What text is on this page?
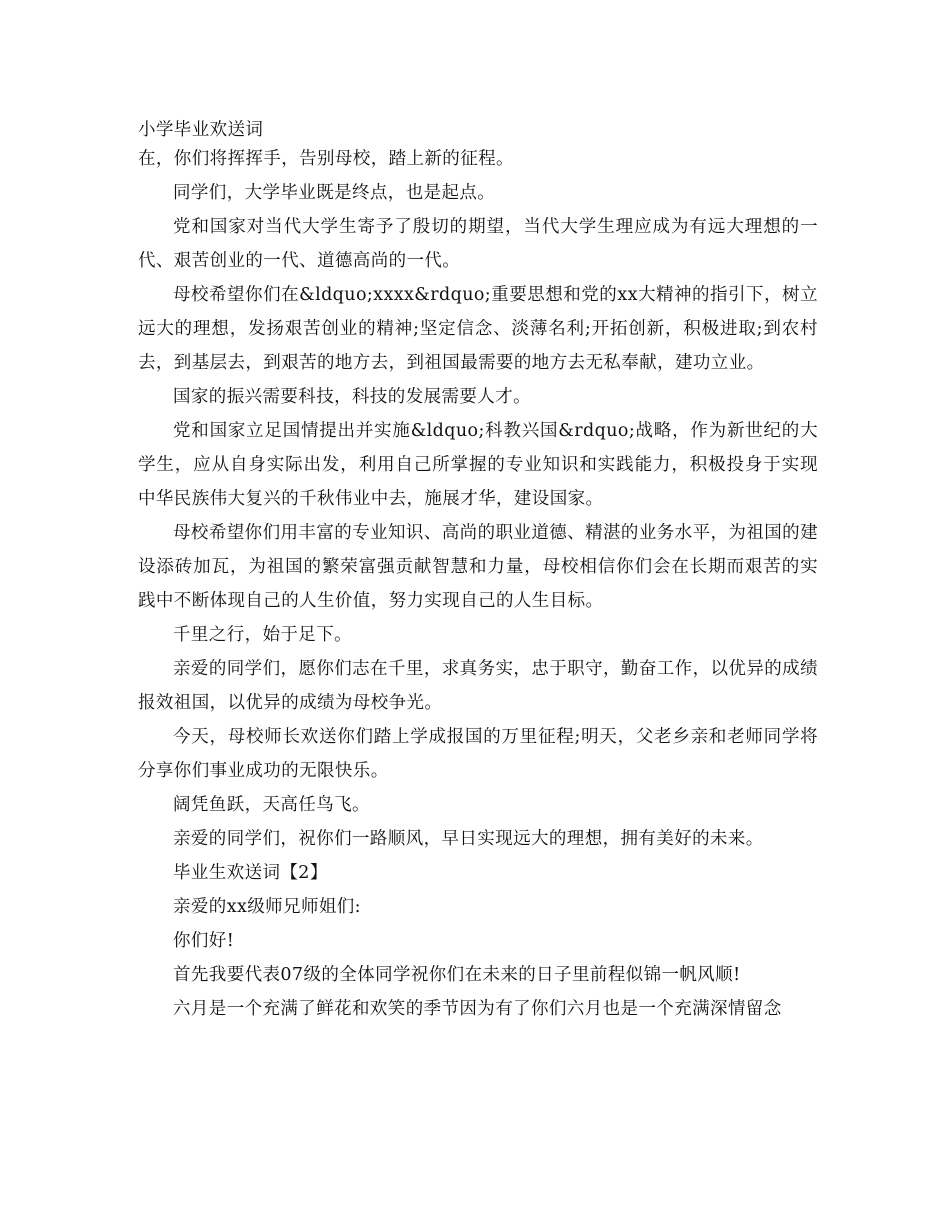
小学毕业欢送词

在，你们将挥挥手，告别母校，踏上新的征程。

同学们，大学毕业既是终点，也是起点。

党和国家对当代大学生寄予了殷切的期望，当代大学生理应成为有远大理想的一代、艰苦创业的一代、道德高尚的一代。

母校希望你们在&ldquo;xxxx&rdquo;重要思想和党的xx大精神的指引下，树立远大的理想，发扬艰苦创业的精神;坚定信念、淡薄名利;开拓创新，积极进取;到农村去，到基层去，到艰苦的地方去，到祖国最需要的地方去无私奉献，建功立业。

国家的振兴需要科技，科技的发展需要人才。

党和国家立足国情提出并实施&ldquo;科教兴国&rdquo;战略，作为新世纪的大学生，应从自身实际出发，利用自己所掌握的专业知识和实践能力，积极投身于实现中华民族伟大复兴的千秋伟业中去，施展才华，建设国家。

母校希望你们用丰富的专业知识、高尚的职业道德、精湛的业务水平，为祖国的建设添砖加瓦，为祖国的繁荣富强贡献智慧和力量，母校相信你们会在长期而艰苦的实践中不断体现自己的人生价值，努力实现自己的人生目标。

千里之行，始于足下。

亲爱的同学们，愿你们志在千里，求真务实，忠于职守，勤奋工作，以优异的成绩报效祖国，以优异的成绩为母校争光。

今天，母校师长欢送你们踏上学成报国的万里征程;明天，父老乡亲和老师同学将分享你们事业成功的无限快乐。

阔凭鱼跃，天高任鸟飞。

亲爱的同学们，祝你们一路顺风，早日实现远大的理想，拥有美好的未来。

毕业生欢送词【2】

亲爱的xx级师兄师姐们:

你们好!

首先我要代表07级的全体同学祝你们在未来的日子里前程似锦一帆风顺!

六月是一个充满了鲜花和欢笑的季节因为有了你们六月也是一个充满深情留念
